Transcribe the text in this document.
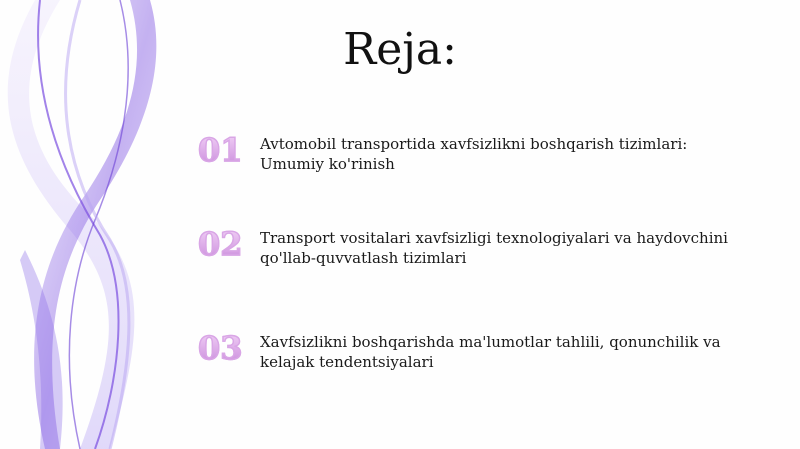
Reja:
01	Avtomobil transportida xavfsizlikni boshqarish tizimlari: Umumiy ko'rinish
02	Transport vositalari xavfsizligi texnologiyalari va haydovchini qo'llab-quvvatlash tizimlari
03	Xavfsizlikni boshqarishda ma'lumotlar tahlili, qonunchilik va kelajak tendentsiyalari
